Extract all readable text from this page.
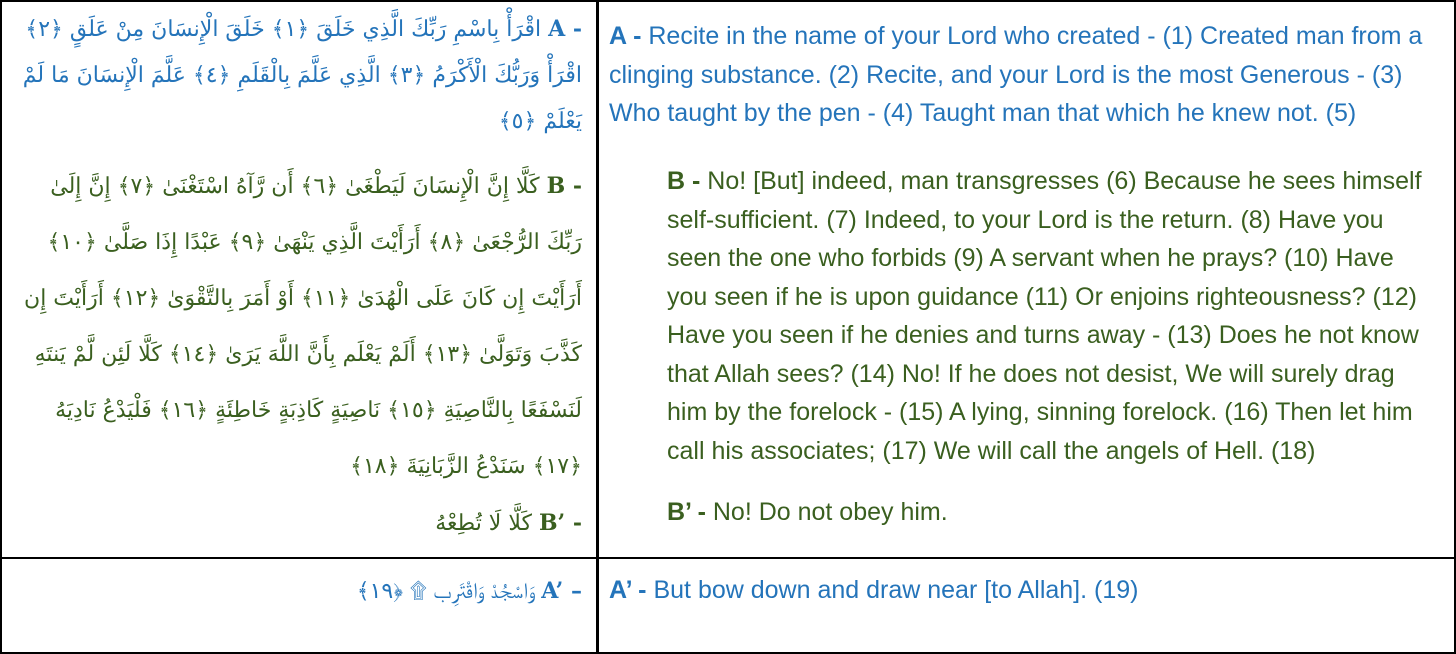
A - اقْرَأْ بِاسْمِ رَبِّكَ الَّذِي خَلَقَ ﴿١﴾ خَلَقَ الْإِنسَانَ مِنْ عَلَقٍ ﴿٢﴾ اقْرَأْ وَرَبُّكَ الْأَكْرَمُ ﴿٣﴾ الَّذِي عَلَّمَ بِالْقَلَمِ ﴿٤﴾ عَلَّمَ الْإِنسَانَ مَا لَمْ يَعْلَمْ ﴿٥﴾
A - Recite in the name of your Lord who created - (1) Created man from a clinging substance. (2) Recite, and your Lord is the most Generous - (3) Who taught by the pen - (4) Taught man that which he knew not. (5)
B - كَلَّا إِنَّ الْإِنسَانَ لَيَطْغَىٰ ﴿٦﴾ أَن رَّآهُ اسْتَغْنَىٰ ﴿٧﴾ إِنَّ إِلَىٰ رَبِّكَ الرُّجْعَىٰ ﴿٨﴾ أَرَأَيْتَ الَّذِي يَنْهَىٰ ﴿٩﴾ عَبْدًا إِذَا صَلَّىٰ ﴿١٠﴾ أَرَأَيْتَ إِن كَانَ عَلَى الْهُدَىٰ ﴿١١﴾ أَوْ أَمَرَ بِالتَّقْوَىٰ ﴿١٢﴾ أَرَأَيْتَ إِن كَذَّبَ وَتَوَلَّىٰ ﴿١٣﴾ أَلَمْ يَعْلَم بِأَنَّ اللَّهَ يَرَىٰ ﴿١٤﴾ كَلَّا لَئِن لَّمْ يَنتَهِ لَنَسْفَعًا بِالنَّاصِيَةِ ﴿١٥﴾ نَاصِيَةٍ كَاذِبَةٍ خَاطِئَةٍ ﴿١٦﴾ فَلْيَدْعُ نَادِيَهُ ﴿١٧﴾ سَنَدْعُ الزَّبَانِيَةَ ﴿١٨﴾
B’ - كَلَّا لَا تُطِعْهُ
B - No! [But] indeed, man transgresses (6) Because he sees himself self-sufficient. (7) Indeed, to your Lord is the return. (8) Have you seen the one who forbids (9) A servant when he prays? (10) Have you seen if he is upon guidance (11) Or enjoins righteousness? (12) Have you seen if he denies and turns away - (13) Does he not know that Allah sees? (14) No! If he does not desist, We will surely drag him by the forelock - (15) A lying, sinning forelock. (16) Then let him call his associates; (17) We will call the angels of Hell. (18)
B’ - No! Do not obey him.
A’ – وَاسْجُدْ وَاقْتَرِب ۩ ﴿١٩﴾	A’ - But bow down and draw near [to Allah]. (19)
